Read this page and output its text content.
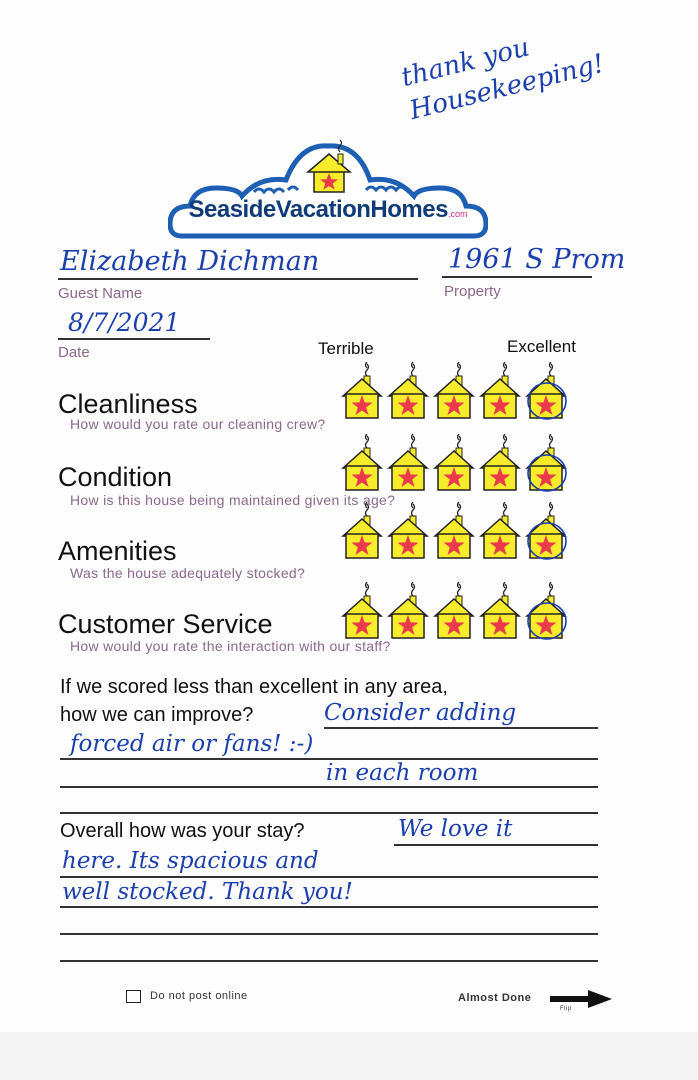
thank you Housekeeping!
SeasideVacationHomes.com
Elizabeth Dichman
Guest Name
1961 S Prom
Property
8/7/2021
Date	Terrible	Excellent
Cleanliness
How would you rate our cleaning crew?
Condition
How is this house being maintained given its age?
Amenities
Was the house adequately stocked?
Customer Service
How would you rate the interaction with our staff?
If we scored less than excellent in any area,
how we can improve?	Consider adding
forced air or fans! :-)
in each room
Overall how was your stay?	We love it
here. Its spacious and
well stocked. Thank you!
Do not post online	Almost Done
Flip
